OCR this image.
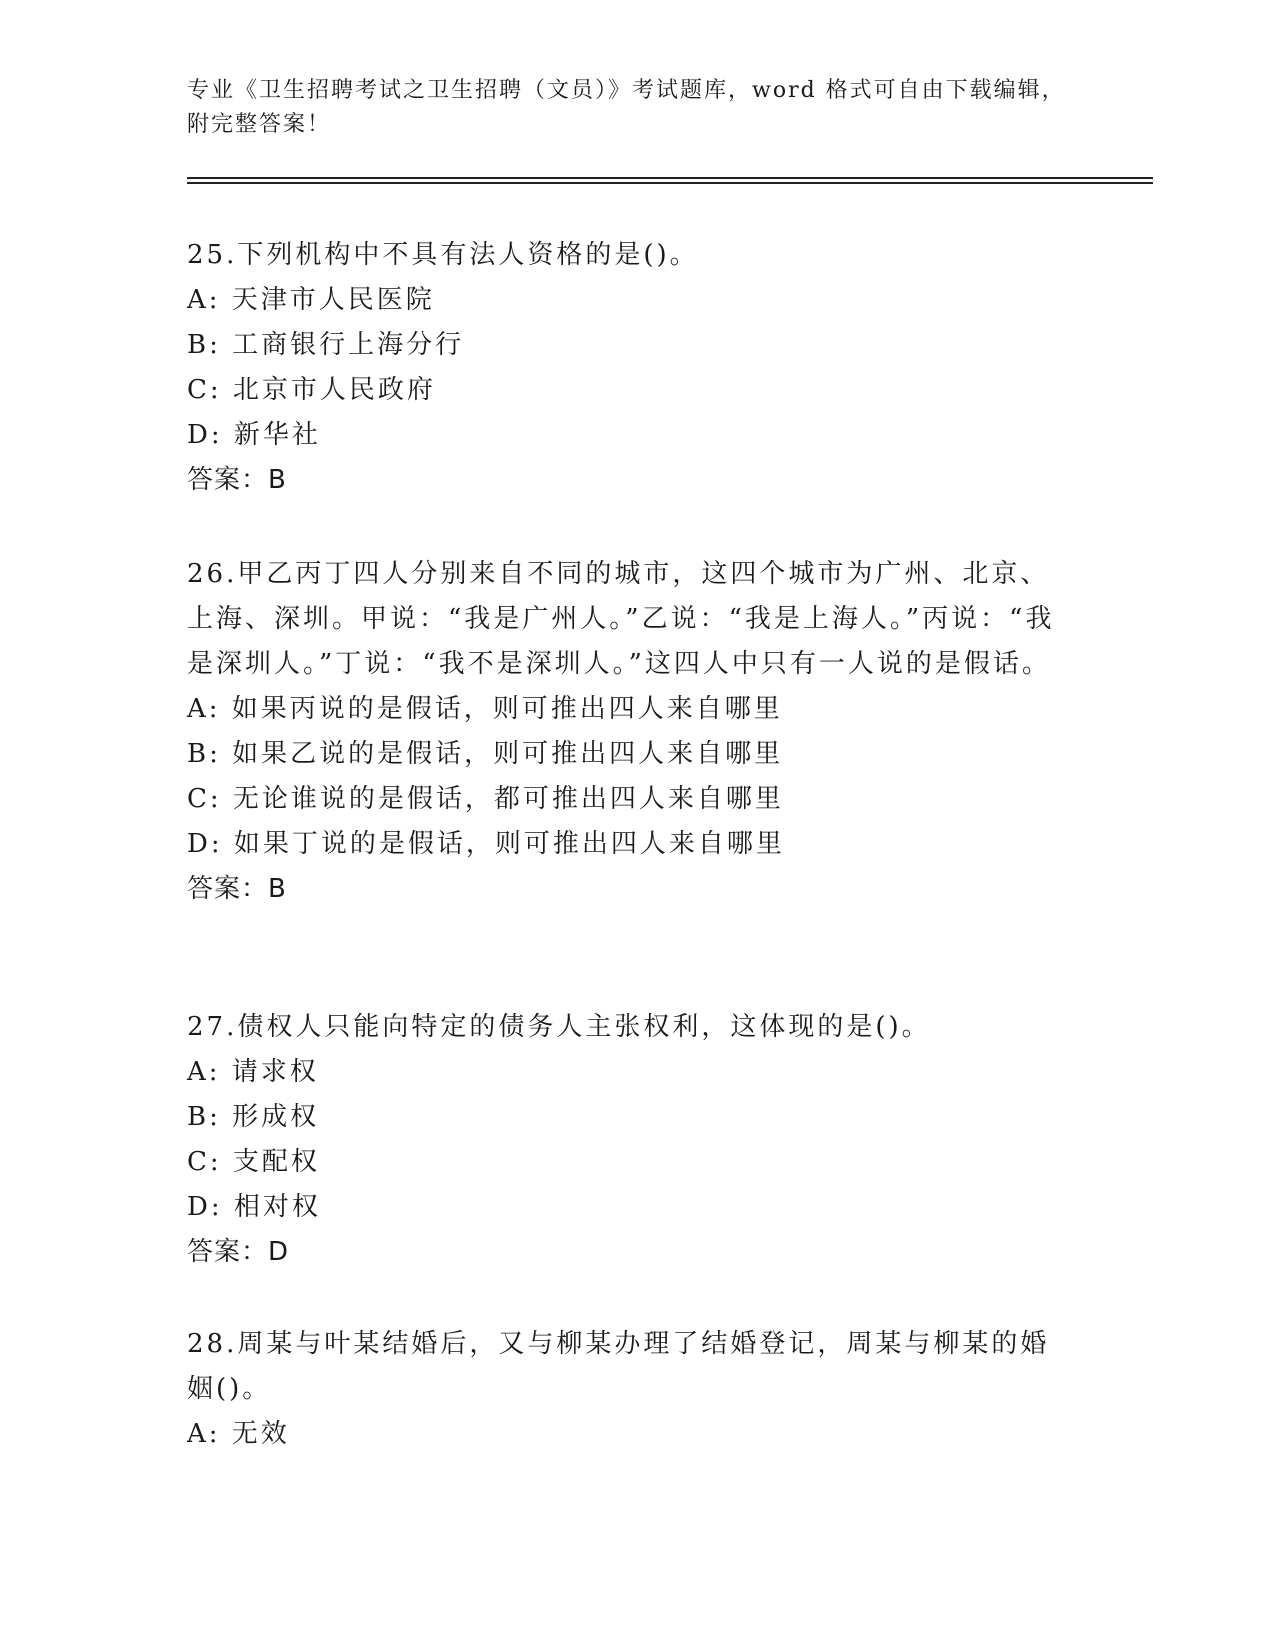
专业《卫生招聘考试之卫生招聘（文员）》考试题库，word 格式可自由下载编辑，附完整答案！

25.下列机构中不具有法人资格的是()。

A: 天津市人民医院

B: 工商银行上海分行

C: 北京市人民政府

D: 新华社

答案：B

26.甲乙丙丁四人分别来自不同的城市，这四个城市为广州、北京、上海、深圳。甲说：“我是广州人。”乙说：“我是上海人。”丙说：“我是深圳人。”丁说：“我不是深圳人。”这四人中只有一人说的是假话。

A: 如果丙说的是假话，则可推出四人来自哪里

B: 如果乙说的是假话，则可推出四人来自哪里

C: 无论谁说的是假话，都可推出四人来自哪里

D: 如果丁说的是假话，则可推出四人来自哪里

答案：B

27.债权人只能向特定的债务人主张权利，这体现的是()。

A: 请求权

B: 形成权

C: 支配权

D: 相对权

答案：D

28.周某与叶某结婚后，又与柳某办理了结婚登记，周某与柳某的婚姻()。

A: 无效
